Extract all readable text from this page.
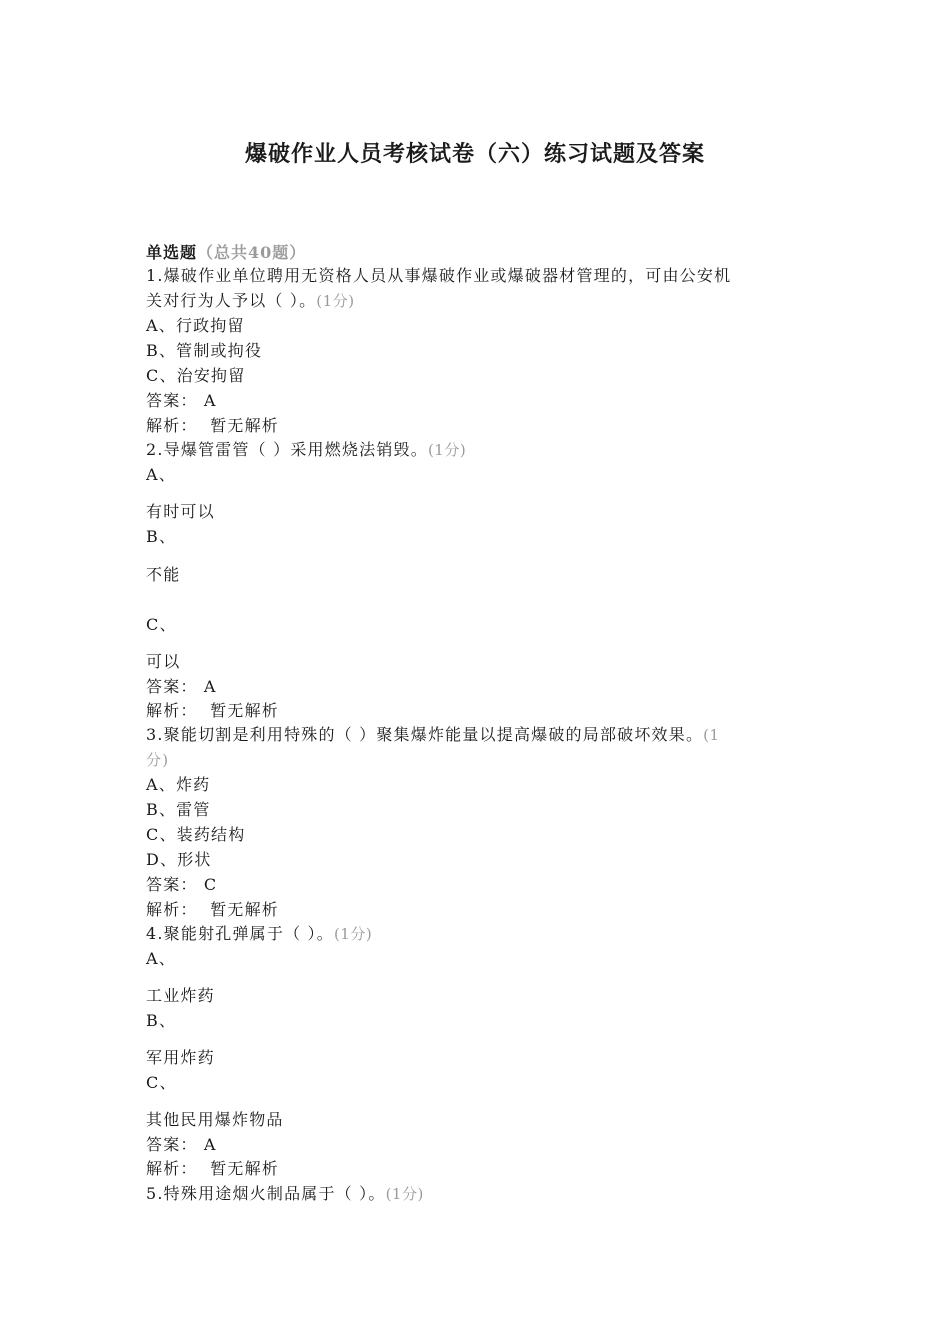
爆破作业人员考核试卷（六）练习试题及答案
单选题（总共40题）
1.爆破作业单位聘用无资格人员从事爆破作业或爆破器材管理的，可由公安机
关对行为人予以（ ）。(1分)
A、行政拘留
B、管制或拘役
C、治安拘留
答案： A
解析： 暂无解析
2.导爆管雷管（ ）采用燃烧法销毁。(1分)
A、
有时可以
B、
不能
C、
可以
答案： A
解析： 暂无解析
3.聚能切割是利用特殊的（ ）聚集爆炸能量以提高爆破的局部破坏效果。(1
分)
A、炸药
B、雷管
C、装药结构
D、形状
答案： C
解析： 暂无解析
4.聚能射孔弹属于（ ）。(1分)
A、
工业炸药
B、
军用炸药
C、
其他民用爆炸物品
答案： A
解析： 暂无解析
5.特殊用途烟火制品属于（ ）。(1分)
